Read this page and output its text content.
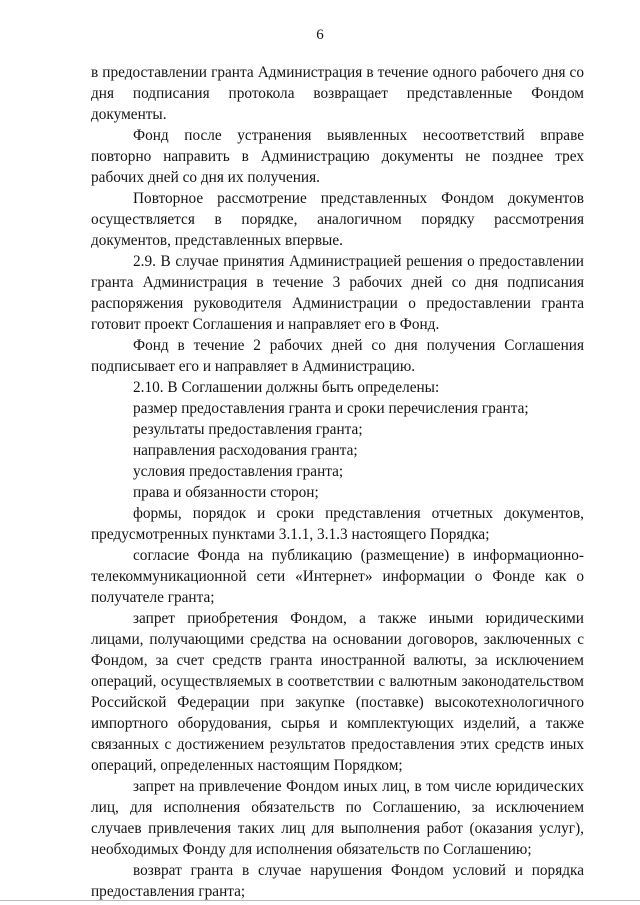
6

в предоставлении гранта Администрация в течение одного рабочего дня со дня подписания протокола возвращает представленные Фондом документы.

Фонд после устранения выявленных несоответствий вправе повторно направить в Администрацию документы не позднее трех рабочих дней со дня их получения.

Повторное рассмотрение представленных Фондом документов осуществляется в порядке, аналогичном порядку рассмотрения документов, представленных впервые.

2.9. В случае принятия Администрацией решения о предоставлении гранта Администрация в течение 3 рабочих дней со дня подписания распоряжения руководителя Администрации о предоставлении гранта готовит проект Соглашения и направляет его в Фонд.

Фонд в течение 2 рабочих дней со дня получения Соглашения подписывает его и направляет в Администрацию.

2.10. В Соглашении должны быть определены:

размер предоставления гранта и сроки перечисления гранта;

результаты предоставления гранта;

направления расходования гранта;

условия предоставления гранта;

права и обязанности сторон;

формы, порядок и сроки представления отчетных документов, предусмотренных пунктами 3.1.1, 3.1.3 настоящего Порядка;

согласие Фонда на публикацию (размещение) в информационно-телекоммуникационной сети «Интернет» информации о Фонде как о получателе гранта;

запрет приобретения Фондом, а также иными юридическими лицами, получающими средства на основании договоров, заключенных с Фондом, за счет средств гранта иностранной валюты, за исключением операций, осуществляемых в соответствии с валютным законодательством Российской Федерации при закупке (поставке) высокотехнологичного импортного оборудования, сырья и комплектующих изделий, а также связанных с достижением результатов предоставления этих средств иных операций, определенных настоящим Порядком;

запрет на привлечение Фондом иных лиц, в том числе юридических лиц, для исполнения обязательств по Соглашению, за исключением случаев привлечения таких лиц для выполнения работ (оказания услуг), необходимых Фонду для исполнения обязательств по Соглашению;

возврат гранта в случае нарушения Фондом условий и порядка предоставления гранта;
